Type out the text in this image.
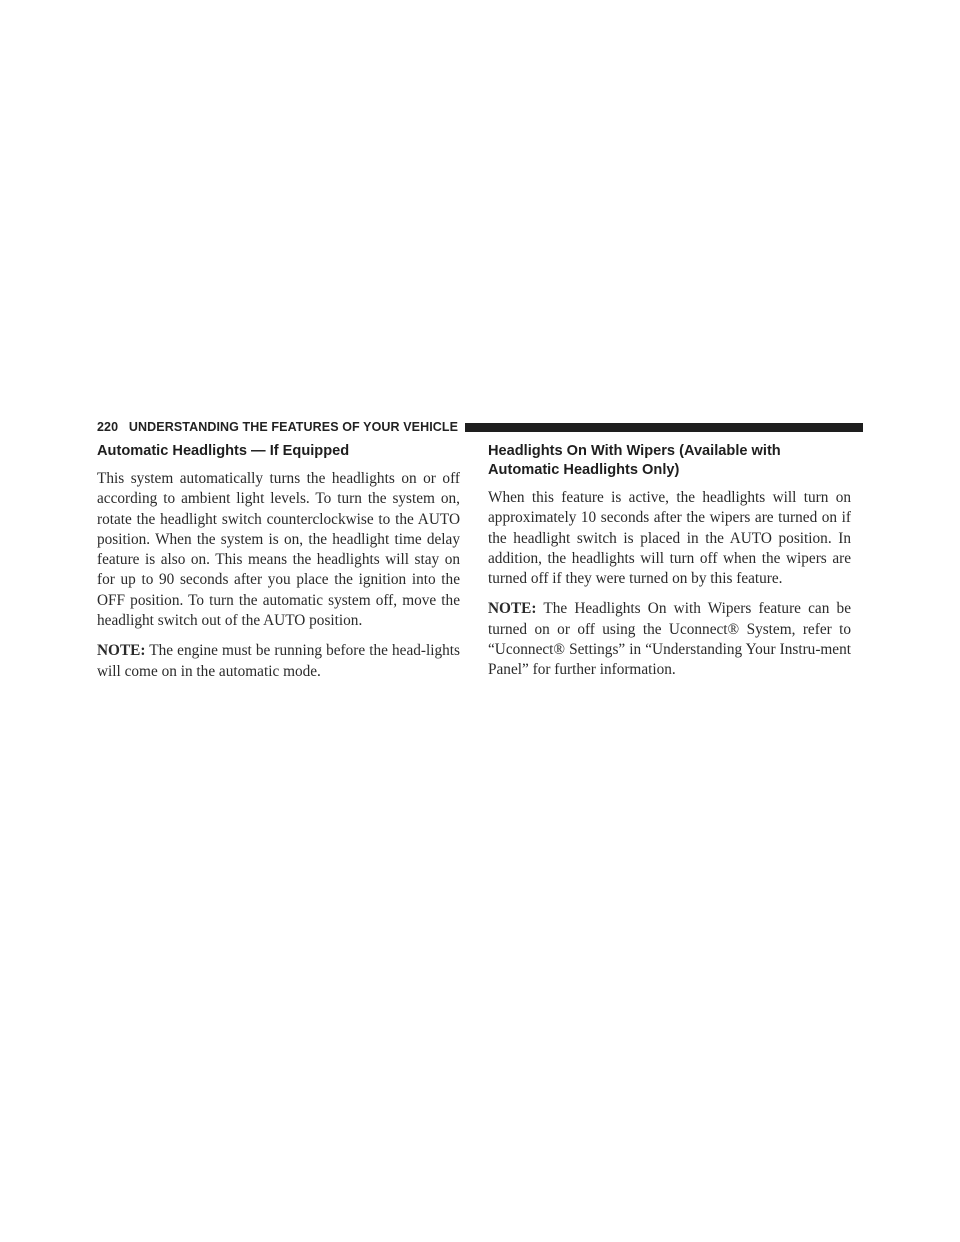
220 UNDERSTANDING THE FEATURES OF YOUR VEHICLE
Automatic Headlights — If Equipped

This system automatically turns the headlights on or off according to ambient light levels. To turn the system on, rotate the headlight switch counterclockwise to the AUTO position. When the system is on, the headlight time delay feature is also on. This means the headlights will stay on for up to 90 seconds after you place the ignition into the OFF position. To turn the automatic system off, move the headlight switch out of the AUTO position.

NOTE: The engine must be running before the head-lights will come on in the automatic mode.

Headlights On With Wipers (Available with Automatic Headlights Only)

When this feature is active, the headlights will turn on approximately 10 seconds after the wipers are turned on if the headlight switch is placed in the AUTO position. In addition, the headlights will turn off when the wipers are turned off if they were turned on by this feature.

NOTE: The Headlights On with Wipers feature can be turned on or off using the Uconnect® System, refer to “Uconnect® Settings” in “Understanding Your Instru-ment Panel” for further information.
